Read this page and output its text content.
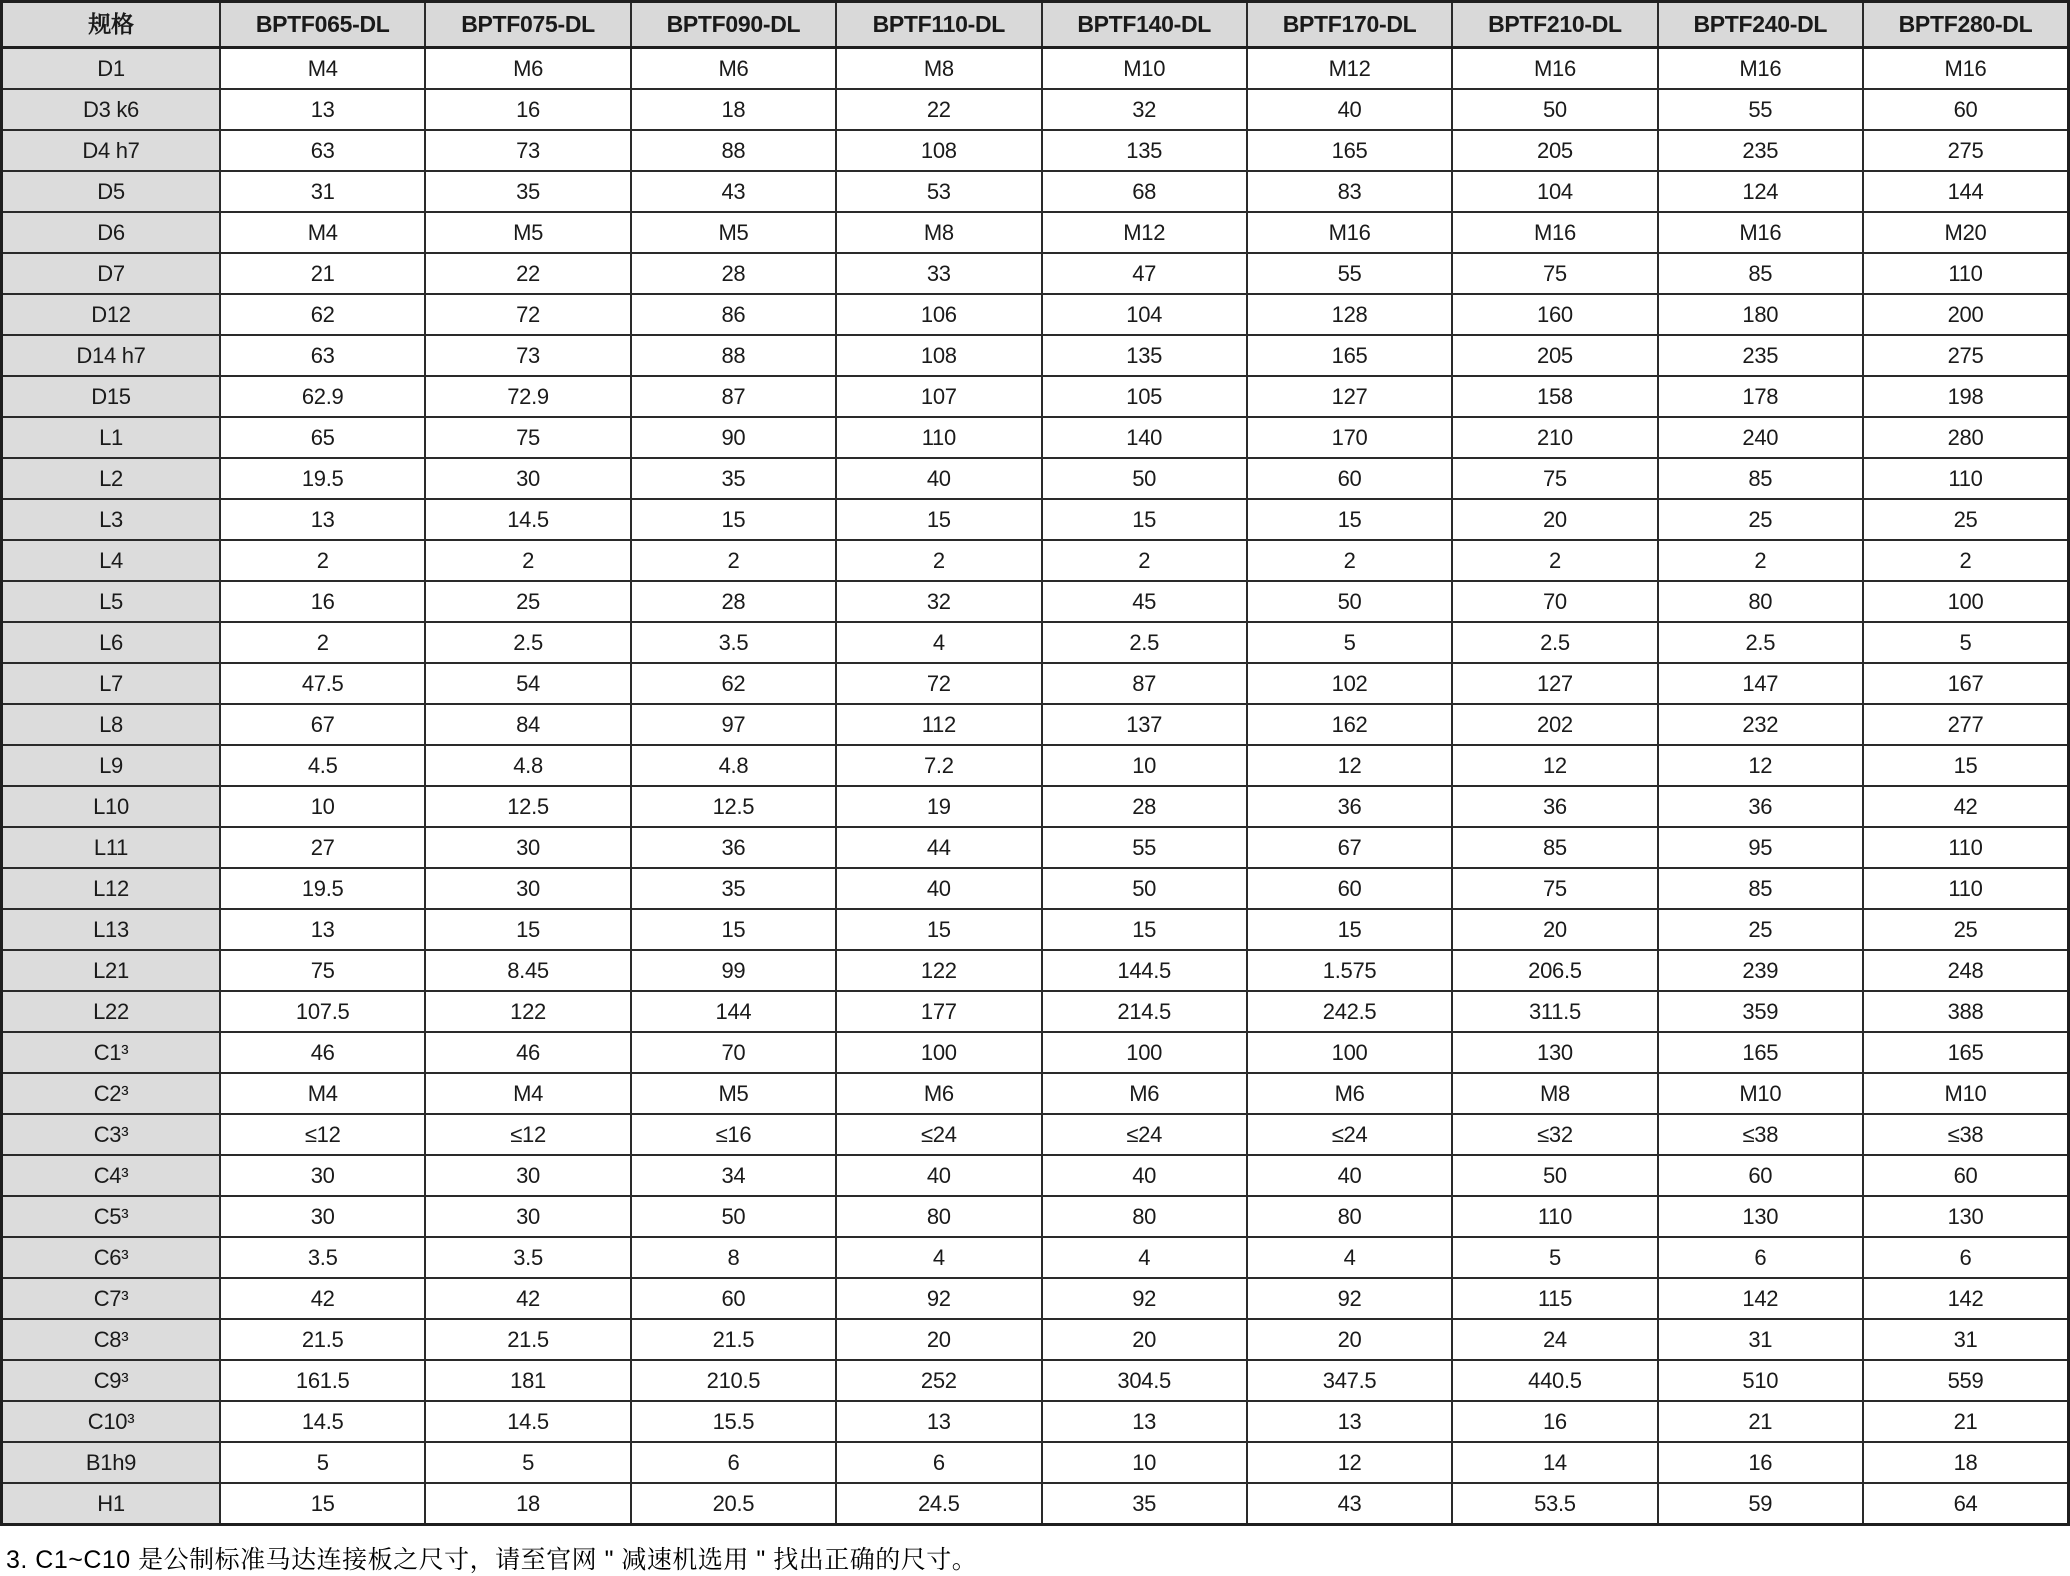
规格	BPTF065-DL	BPTF075-DL	BPTF090-DL	BPTF110-DL	BPTF140-DL	BPTF170-DL	BPTF210-DL	BPTF240-DL	BPTF280-DL
D1	M4	M6	M6	M8	M10	M12	M16	M16	M16
D3 k6	13	16	18	22	32	40	50	55	60
D4 h7	63	73	88	108	135	165	205	235	275
D5	31	35	43	53	68	83	104	124	144
D6	M4	M5	M5	M8	M12	M16	M16	M16	M20
D7	21	22	28	33	47	55	75	85	110
D12	62	72	86	106	104	128	160	180	200
D14 h7	63	73	88	108	135	165	205	235	275
D15	62.9	72.9	87	107	105	127	158	178	198
L1	65	75	90	110	140	170	210	240	280
L2	19.5	30	35	40	50	60	75	85	110
L3	13	14.5	15	15	15	15	20	25	25
L4	2	2	2	2	2	2	2	2	2
L5	16	25	28	32	45	50	70	80	100
L6	2	2.5	3.5	4	2.5	5	2.5	2.5	5
L7	47.5	54	62	72	87	102	127	147	167
L8	67	84	97	112	137	162	202	232	277
L9	4.5	4.8	4.8	7.2	10	12	12	12	15
L10	10	12.5	12.5	19	28	36	36	36	42
L11	27	30	36	44	55	67	85	95	110
L12	19.5	30	35	40	50	60	75	85	110
L13	13	15	15	15	15	15	20	25	25
L21	75	8.45	99	122	144.5	1.575	206.5	239	248
L22	107.5	122	144	177	214.5	242.5	311.5	359	388
C1³	46	46	70	100	100	100	130	165	165
C2³	M4	M4	M5	M6	M6	M6	M8	M10	M10
C3³	≤12	≤12	≤16	≤24	≤24	≤24	≤32	≤38	≤38
C4³	30	30	34	40	40	40	50	60	60
C5³	30	30	50	80	80	80	110	130	130
C6³	3.5	3.5	8	4	4	4	5	6	6
C7³	42	42	60	92	92	92	115	142	142
C8³	21.5	21.5	21.5	20	20	20	24	31	31
C9³	161.5	181	210.5	252	304.5	347.5	440.5	510	559
C10³	14.5	14.5	15.5	13	13	13	16	21	21
B1h9	5	5	6	6	10	12	14	16	18
H1	15	18	20.5	24.5	35	43	53.5	59	64
3. C1~C10 是公制标准马达连接板之尺寸，请至官网 " 减速机选用 " 找出正确的尺寸。
